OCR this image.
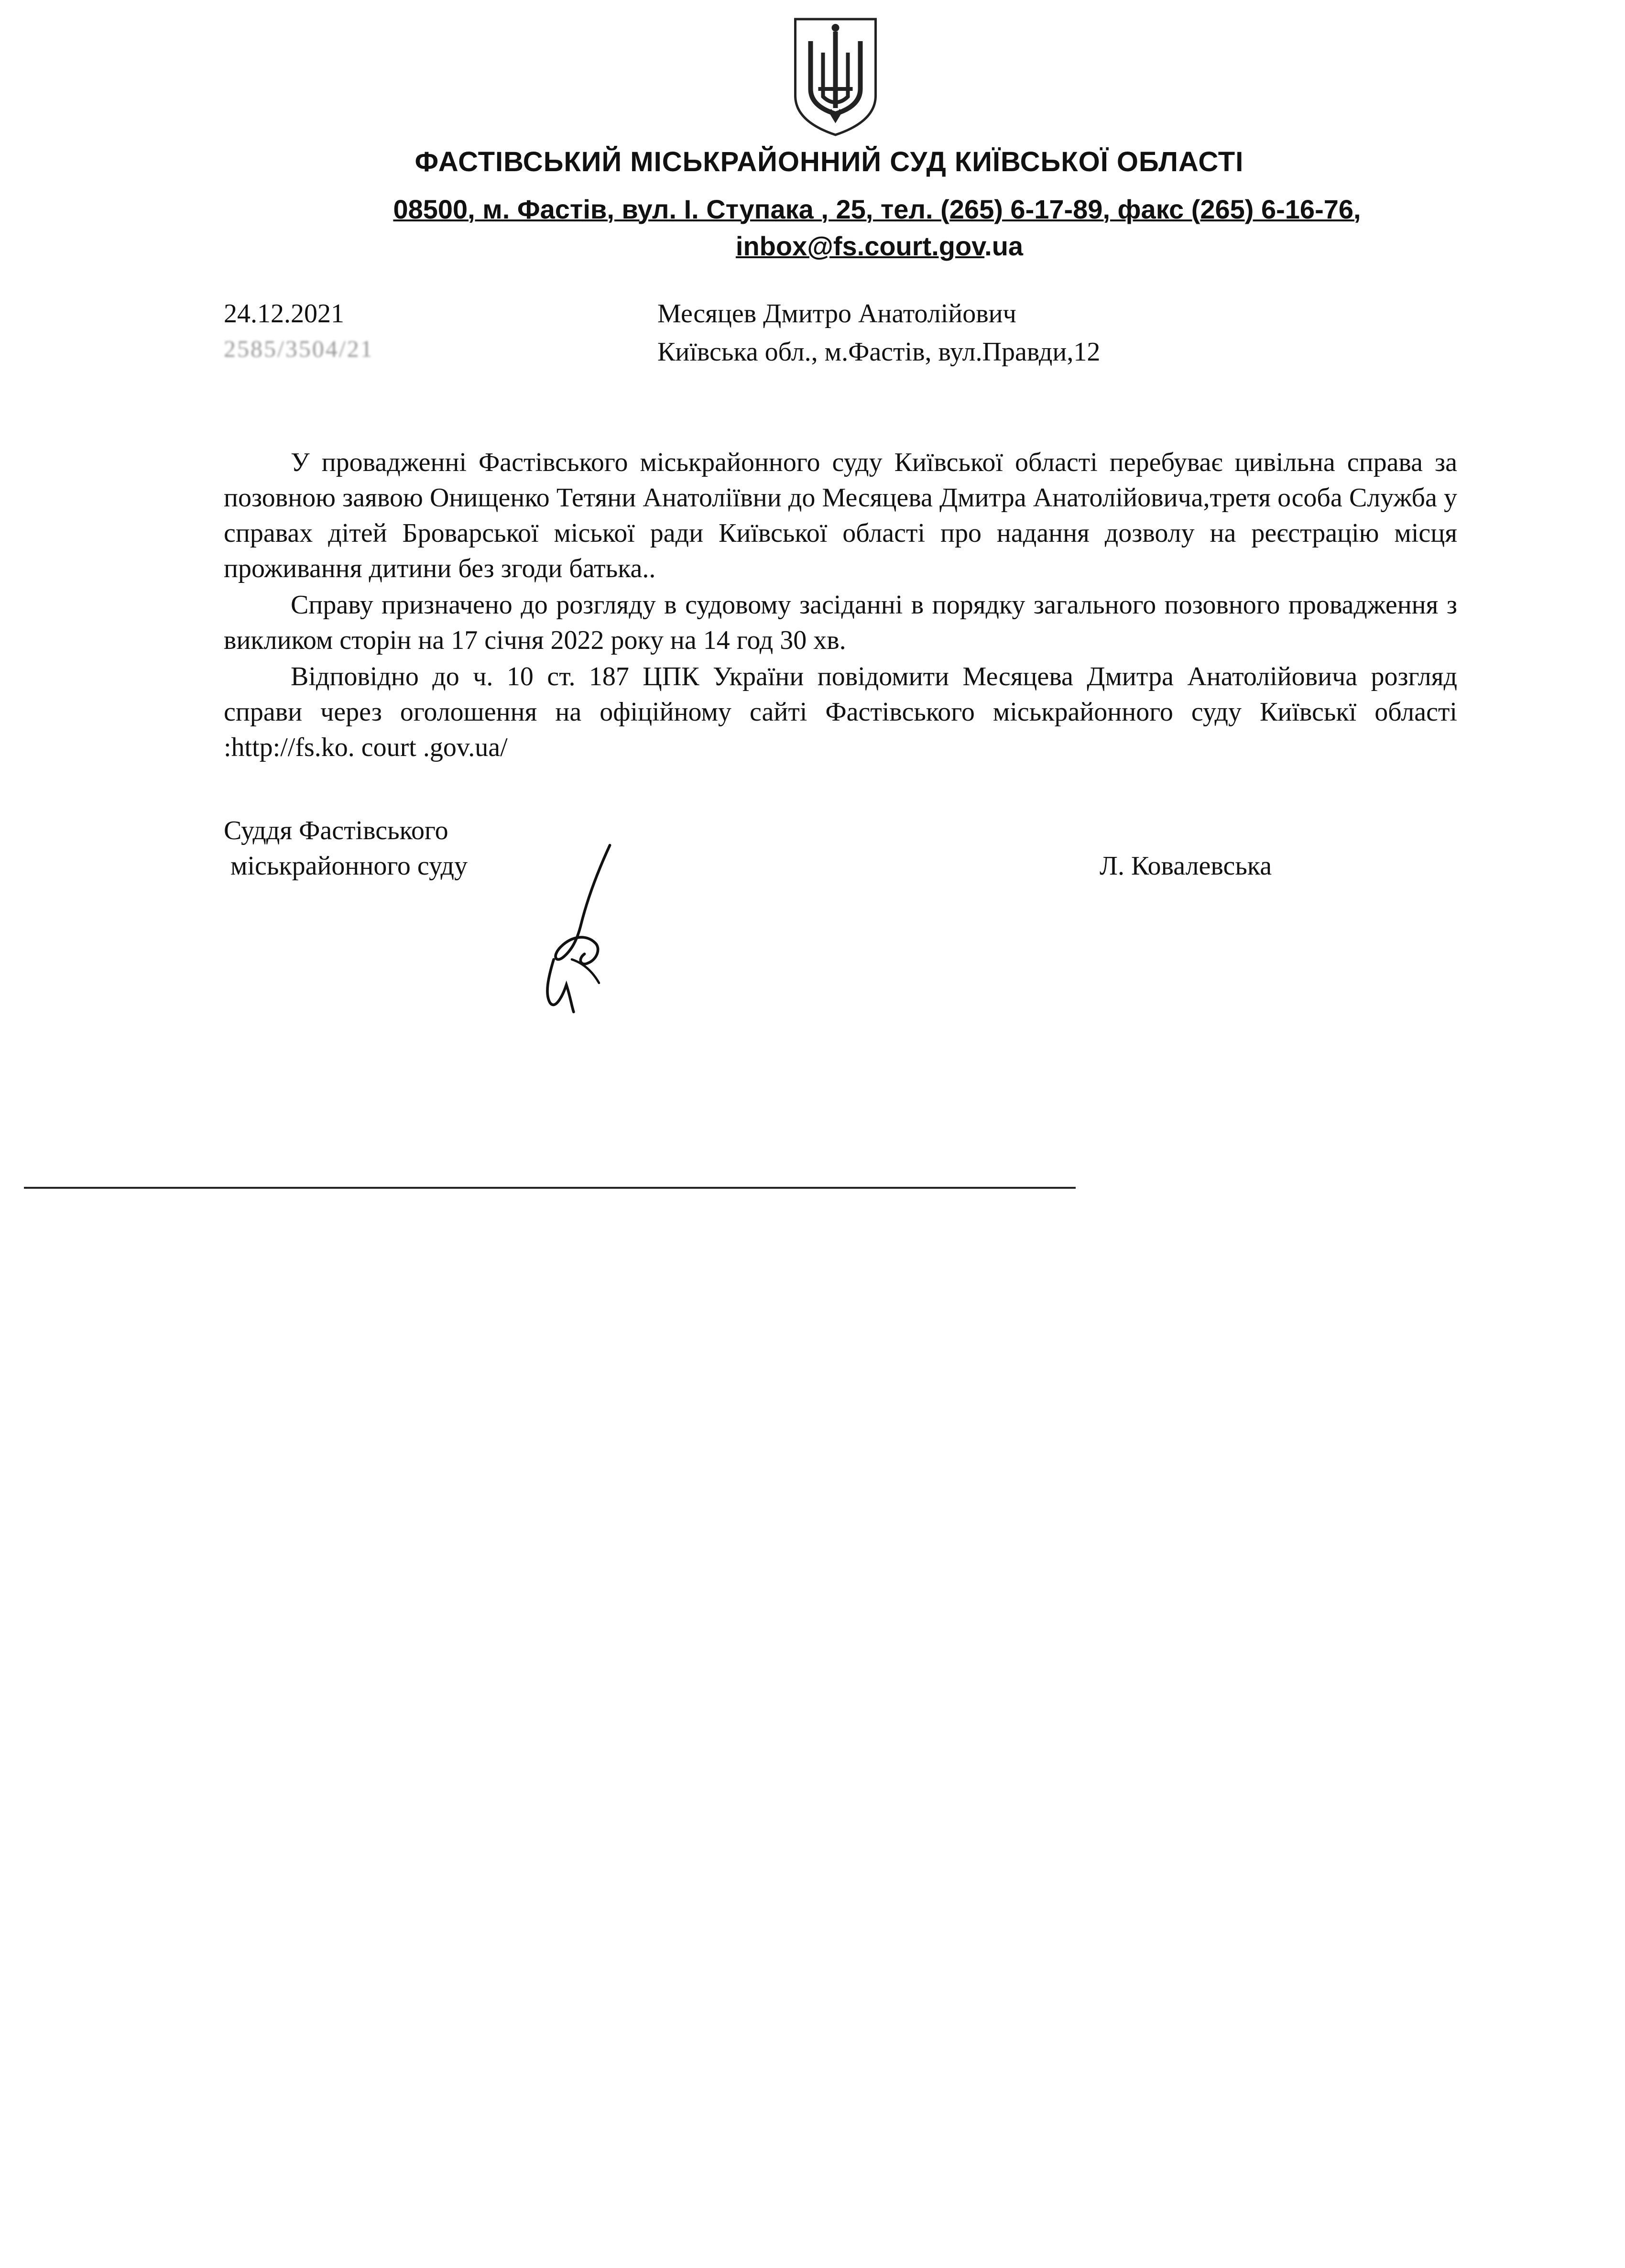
ФАСТІВСЬКИЙ МІСЬКРАЙОННИЙ СУД КИЇВСЬКОЇ ОБЛАСТІ
08500, м. Фастів, вул. І. Ступака , 25, тел. (265) 6-17-89, факс (265) 6-16-76,
inbox@fs.court.gov.ua
24.12.2021
2585/3504/21
Месяцев Дмитро Анатолійович
Київська обл., м.Фастів, вул.Правди,12

У провадженні Фастівського міськрайонного суду Київської області перебуває цивільна справа за позовною заявою Онищенко Тетяни Анатоліївни до Месяцева Дмитра Анатолійовича,третя особа Служба у справах дітей Броварської міської ради Київської області про надання дозволу на реєстрацію місця проживання дитини без згоди батька..

Справу призначено до розгляду в судовому засіданні в порядку загального позовного провадження з викликом сторін на 17 січня 2022 року на 14 год 30 хв.

Відповідно до ч. 10 ст. 187 ЦПК України повідомити Месяцева Дмитра Анатолійовича розгляд справи через оголошення на офіційному сайті Фастівського міськрайонного суду Київськї області :http://fs.ko. court .gov.ua/

Суддя Фастівського
міськрайонного суду	Л. Ковалевська
